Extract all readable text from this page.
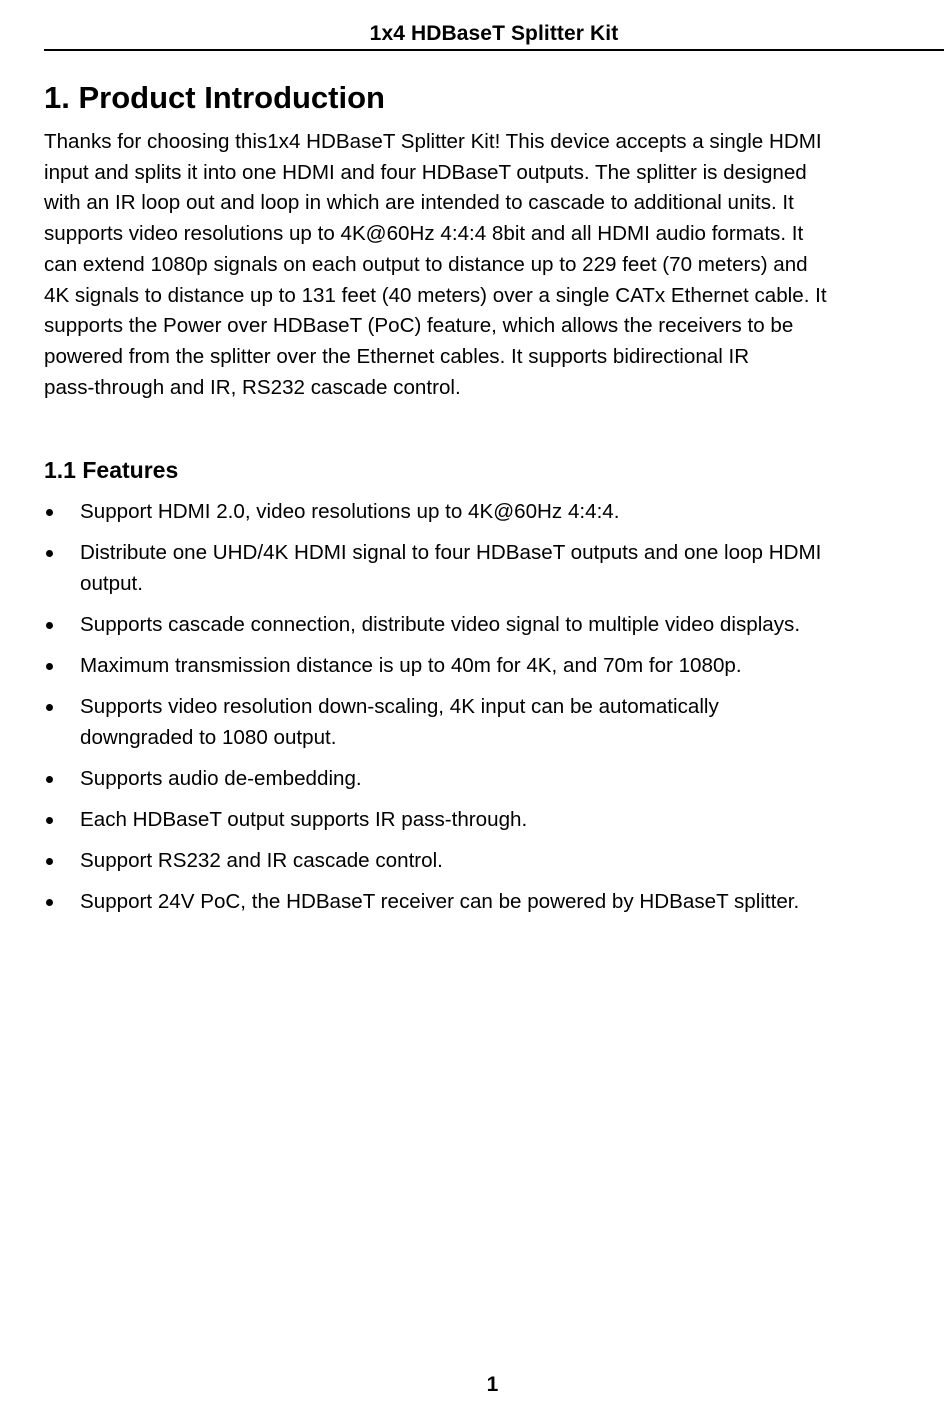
1x4 HDBaseT Splitter Kit
1. Product Introduction

Thanks for choosing this1x4 HDBaseT Splitter Kit! This device accepts a single HDMI
input and splits it into one HDMI and four HDBaseT outputs. The splitter is designed
with an IR loop out and loop in which are intended to cascade to additional units. It
supports video resolutions up to 4K@60Hz 4:4:4 8bit and all HDMI audio formats. It
can extend 1080p signals on each output to distance up to 229 feet (70 meters) and
4K signals to distance up to 131 feet (40 meters) over a single CATx Ethernet cable. It
supports the Power over HDBaseT (PoC) feature, which allows the receivers to be
powered from the splitter over the Ethernet cables. It supports bidirectional IR
pass-through and IR, RS232 cascade control.

1.1 Features
Support HDMI 2.0, video resolutions up to 4K@60Hz 4:4:4.
Distribute one UHD/4K HDMI signal to four HDBaseT outputs and one loop HDMI
output.
Supports cascade connection, distribute video signal to multiple video displays.
Maximum transmission distance is up to 40m for 4K, and 70m for 1080p.
Supports video resolution down-scaling, 4K input can be automatically
downgraded to 1080 output.
Supports audio de-embedding.
Each HDBaseT output supports IR pass-through.
Support RS232 and IR cascade control.
Support 24V PoC, the HDBaseT receiver can be powered by HDBaseT splitter.
1
